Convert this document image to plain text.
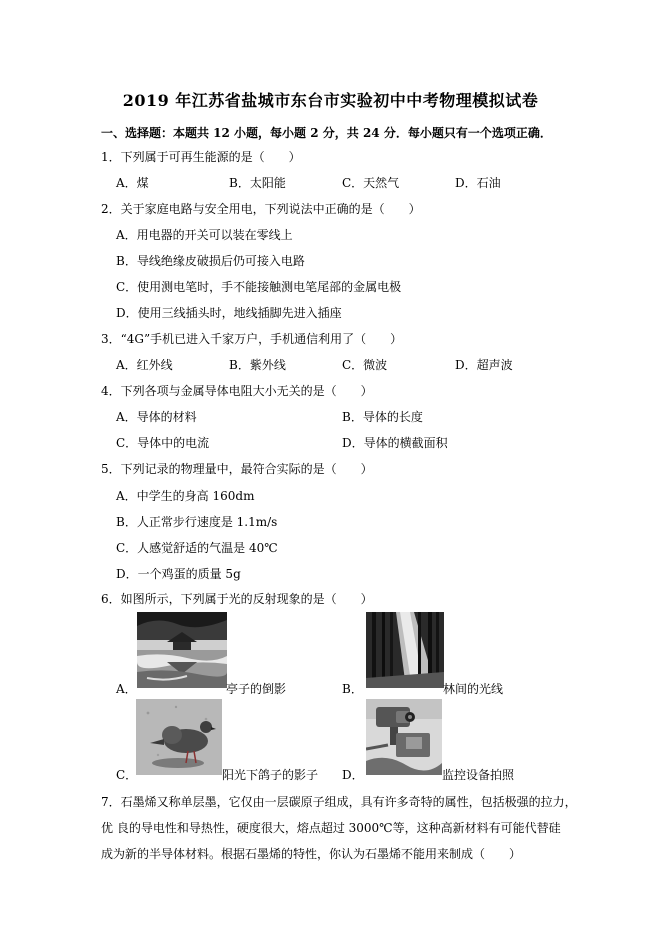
2019 年江苏省盐城市东台市实验初中中考物理模拟试卷
一、选择题：本题共 12 小题，每小题 2 分，共 24 分．每小题只有一个选项正确．
1．下列属于可再生能源的是（　　）
A．煤	B．太阳能	C．天然气	D．石油
2．关于家庭电路与安全用电，下列说法中正确的是（　　）
A．用电器的开关可以装在零线上
B．导线绝缘皮破损后仍可接入电路
C．使用测电笔时，手不能接触测电笔尾部的金属电极
D．使用三线插头时，地线插脚先进入插座
3．“4G”手机已进入千家万户，手机通信利用了（　　）
A．红外线	B．紫外线	C．微波	D．超声波
4．下列各项与金属导体电阻大小无关的是（　　）
A．导体的材料	B．导体的长度
C．导体中的电流	D．导体的横截面积
5．下列记录的物理量中，最符合实际的是（　　）
A．中学生的身高 160dm
B．人正常步行速度是 1.1m/s
C．人感觉舒适的气温是 40℃
D．一个鸡蛋的质量 5g
6．如图所示，下列属于光的反射现象的是（　　）
A．	亭子的倒影	B．	林间的光线
C．	阳光下鸽子的影子 D．	监控设备拍照
7．石墨烯又称单层墨，它仅由一层碳原子组成，具有许多奇特的属性，包括极强的拉力，
优 良的导电性和导热性，硬度很大，熔点超过 3000℃等，这种高新材料有可能代替硅
成为新的半导体材料。根据石墨烯的特性，你认为石墨烯不能用来制成（　　）
